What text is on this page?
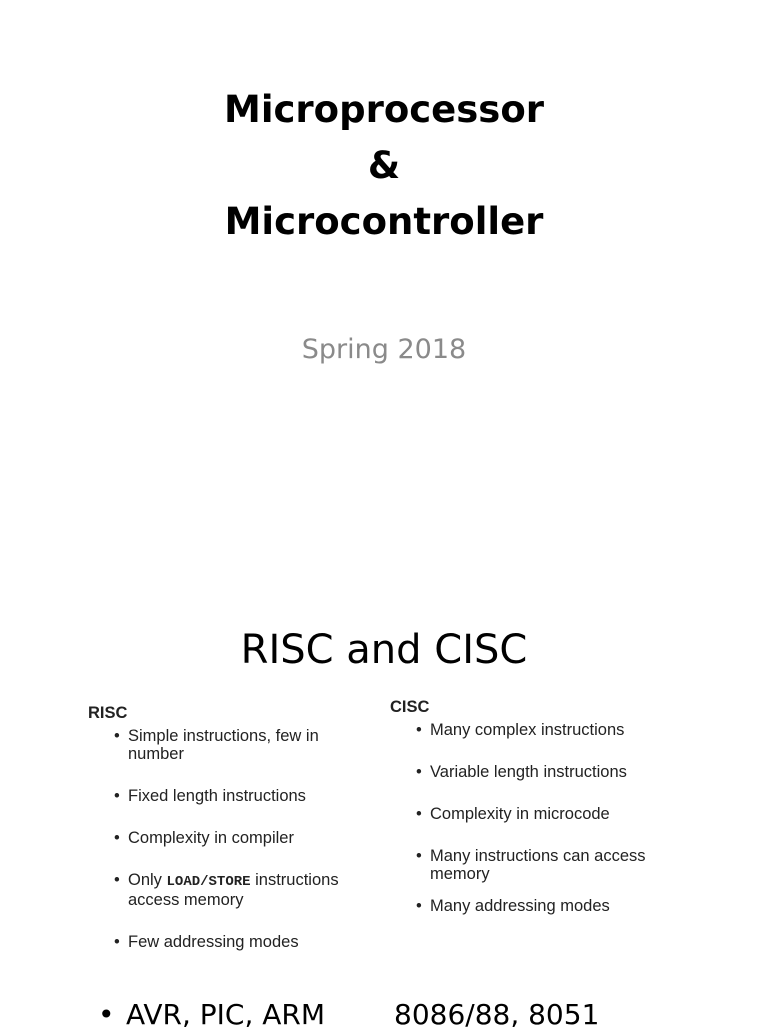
Microprocessor
&
Microcontroller
Spring 2018
RISC and CISC
RISC
• Simple instructions, few in number
• Fixed length instructions
• Complexity in compiler
• Only LOAD/STORE instructions access memory
• Few addressing modes
CISC
• Many complex instructions
• Variable length instructions
• Complexity in microcode
• Many instructions can access memory
• Many addressing modes
• AVR, PIC, ARM 8086/88, 8051
